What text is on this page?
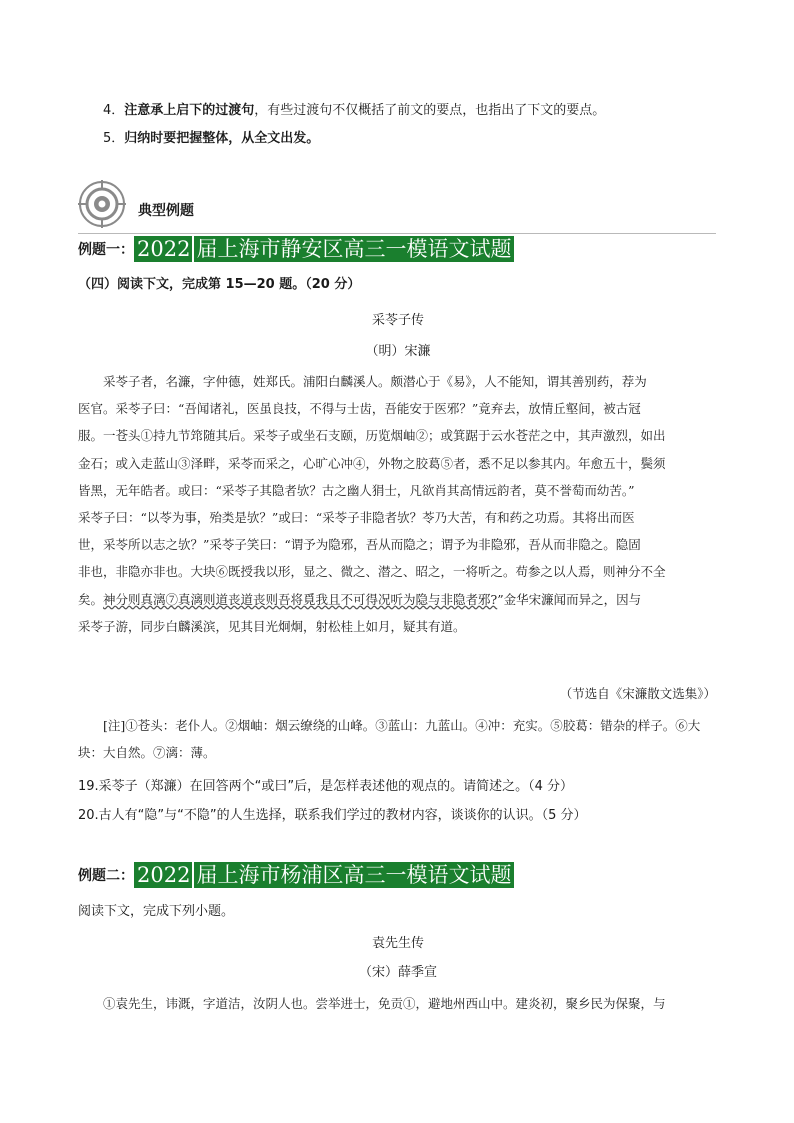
4．注意承上启下的过渡句，有些过渡句不仅概括了前文的要点，也指出了下文的要点。
5．归纳时要把握整体，从全文出发。
典型例题
例题一： 2022 届上海市静安区高三一模语文试题
（四）阅读下文，完成第 15—20 题。（20 分）
采苓子传
（明）宋濂
采苓子者，名濂，字仲德，姓郑氏。浦阳白麟溪人。颇潜心于《易》，人不能知，谓其善别药，荐为
医官。采苓子曰：“吾闻诸礼，医虽良技，不得与士齿，吾能安于医邪？”竟弃去，放情丘壑间，被古冠
服。一苍头①持九节筇随其后。采苓子或坐石支颐，历览烟岫②；或箕踞于云水苍茫之中，其声激烈，如出
金石；或入走蓝山③泽畔，采苓而采之，心旷心冲④，外物之胶葛⑤者，悉不足以参其内。年愈五十，鬓须
皆黑，无年皓者。或曰：“采苓子其隐者欤？古之幽人狷士，凡欲肖其高情远韵者，莫不誉萄而幼苦。”
采苓子曰：“以苓为事，殆类是欤？”或曰：“采苓子非隐者欤？苓乃大苦，有和药之功焉。其将出而医
世，采苓所以志之欤？”采苓子笑曰：“谓予为隐邪，吾从而隐之；谓予为非隐邪，吾从而非隐之。隐固
非也，非隐亦非也。大块⑥既授我以形，显之、微之、潜之、昭之，一将听之。苟参之以人焉，则神分不全
矣。神分则真漓⑦真漓则道丧道丧则吾将覓我且不可得况听为隐与非隐者邪?”金华宋濂闻而异之，因与
采苓子游，同步白麟溪滨，见其目光炯炯，射松桂上如月，疑其有道。
（节选自《宋濂散文选集》）
[注]①苍头：老仆人。②烟岫：烟云缭绕的山峰。③蓝山：九蓝山。④冲：充实。⑤胶葛：错杂的样子。⑥大
块：大自然。⑦漓：薄。
19.采苓子（郑濂）在回答两个“或曰”后，是怎样表述他的观点的。请简述之。（4 分）
20.古人有“隐”与“不隐”的人生选择，联系我们学过的教材内容，谈谈你的认识。（5 分）
例题二： 2022 届上海市杨浦区高三一模语文试题
阅读下文，完成下列小题。
袁先生传
（宋）薛季宣
①袁先生，讳溉，字道洁，汝阴人也。尝举进士，免贡①，避地州西山中。建炎初，聚乡民为保聚，与
